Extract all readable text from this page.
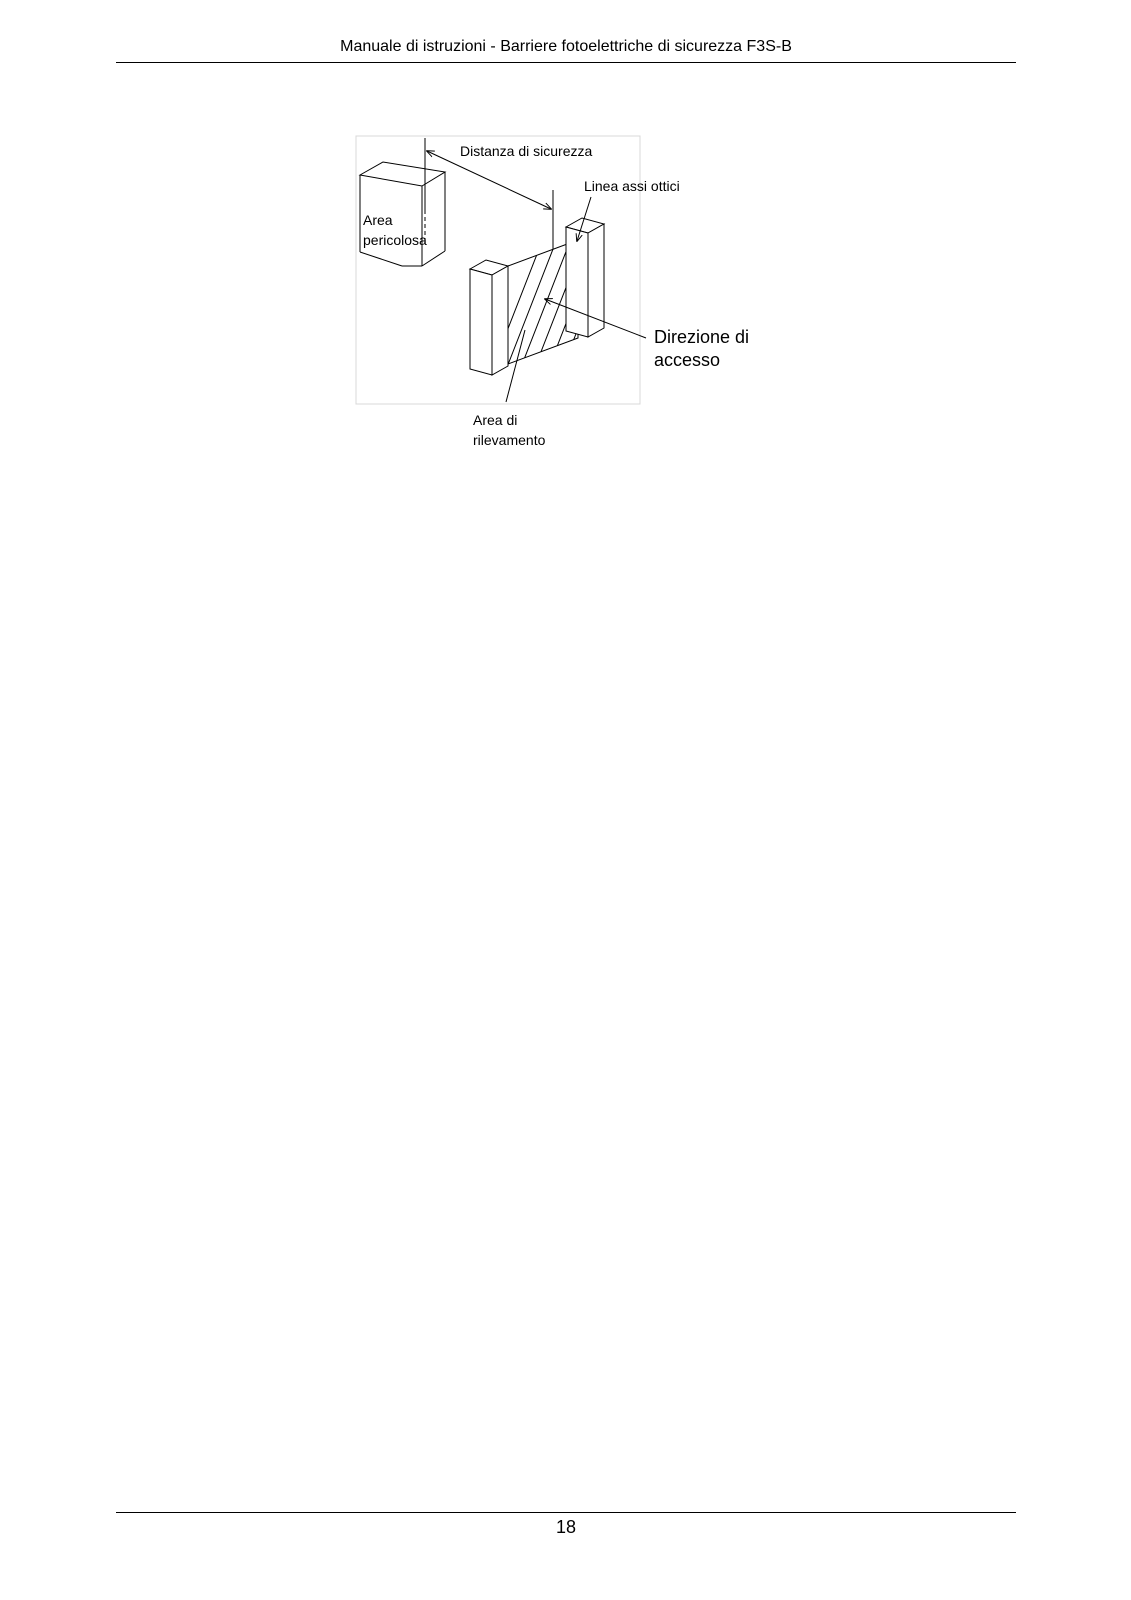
Manuale di istruzioni - Barriere fotoelettriche di sicurezza F3S-B
Distanza di sicurezza
Linea assi ottici
Area
pericolosa
Direzione di
accesso
Area di
rilevamento
18
